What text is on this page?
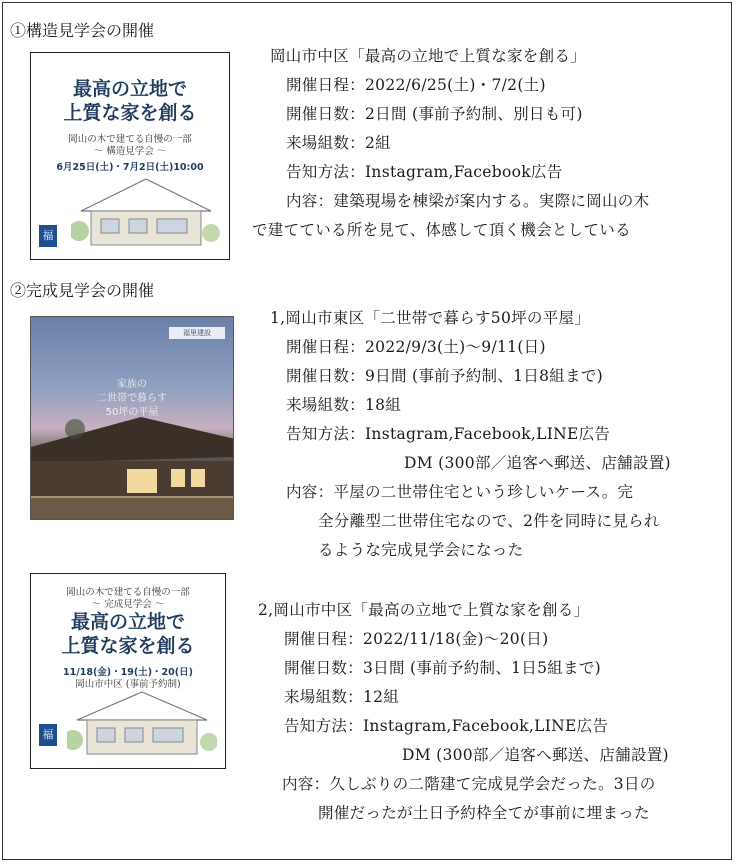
①構造見学会の開催
最高の立地で
上質な家を創る
岡山の木で建てる自慢の一部
～ 構造見学会 ～
6月25日(土)・7月2日(土)10:00
福
岡山市中区「最高の立地で上質な家を創る」
開催日程：2022/6/25(土)・7/2(土)
開催日数：2日間 (事前予約制、別日も可)
来場組数：2組
告知方法：Instagram,Facebook広告
内容：建築現場を棟梁が案内する。実際に岡山の木
で建てている所を見て、体感して頂く機会としている
②完成見学会の開催
福里建設
家族の
二世帯で暮らす
50坪の平屋
1,岡山市東区「二世帯で暮らす50坪の平屋」
開催日程：2022/9/3(土)～9/11(日)
開催日数：9日間 (事前予約制、1日8組まで)
来場組数：18組
告知方法：Instagram,Facebook,LINE広告
DM (300部／追客へ郵送、店舗設置)
内容：平屋の二世帯住宅という珍しいケース。完
全分離型二世帯住宅なので、2件を同時に見られ
るような完成見学会になった
岡山の木で建てる自慢の一部
～ 完成見学会 ～
最高の立地で
上質な家を創る
11/18(金)・19(土)・20(日)
岡山市中区 (事前予約制)
福
2,岡山市中区「最高の立地で上質な家を創る」
開催日程：2022/11/18(金)～20(日)
開催日数：3日間 (事前予約制、1日5組まで)
来場組数：12組
告知方法：Instagram,Facebook,LINE広告
DM (300部／追客へ郵送、店舗設置)
内容：久しぶりの二階建て完成見学会だった。3日の
開催だったが土日予約枠全てが事前に埋まった
